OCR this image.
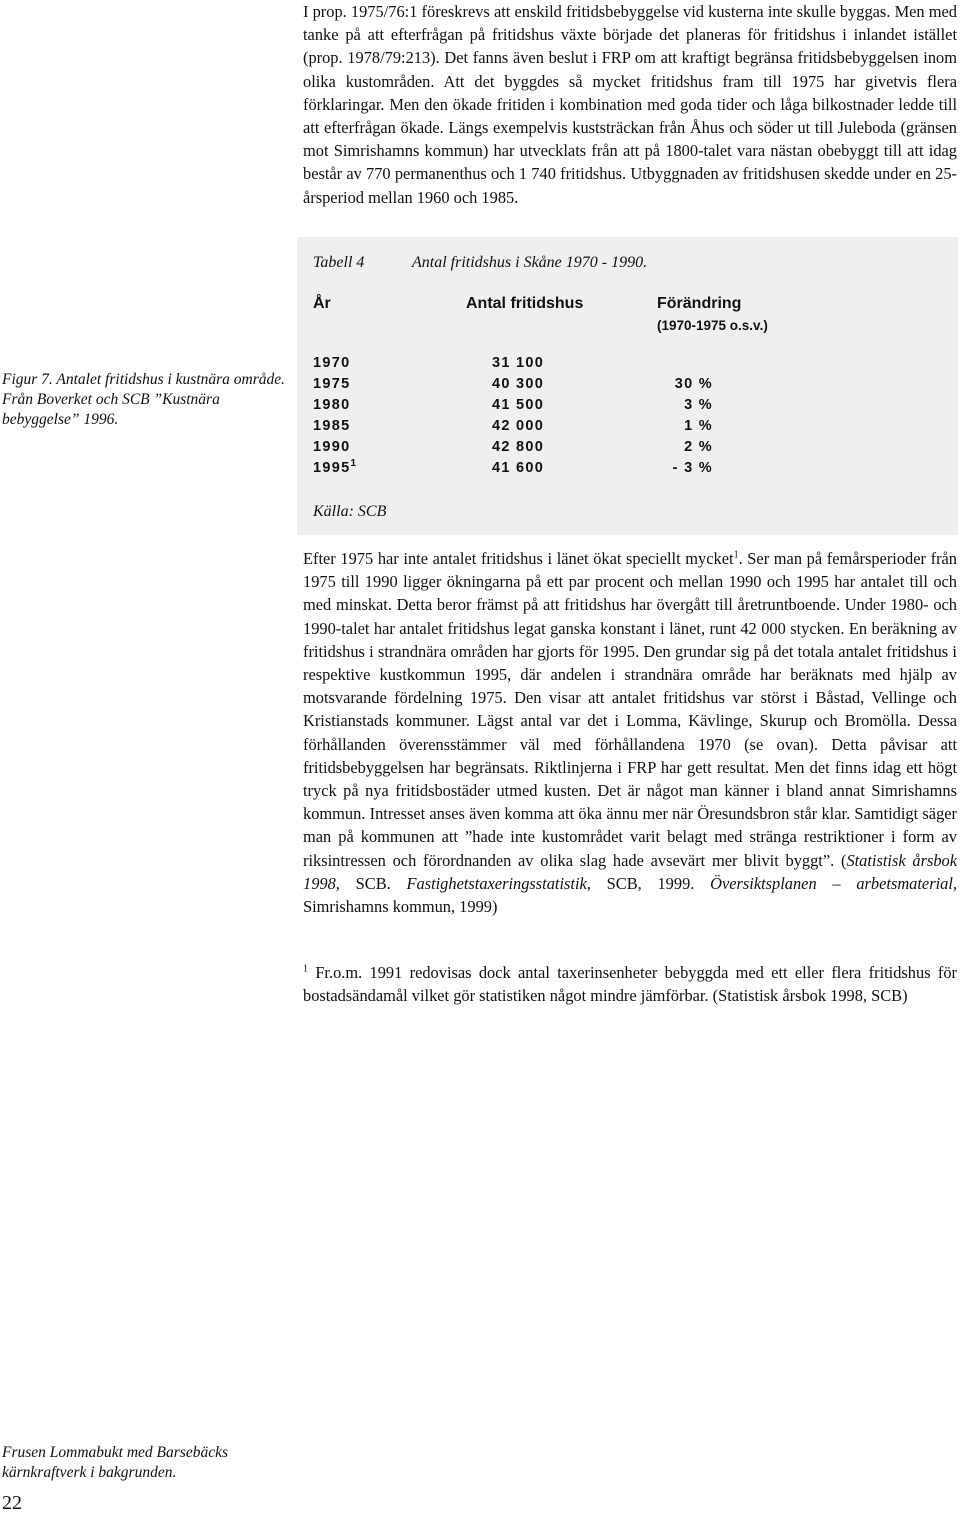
I prop. 1975/76:1 föreskrevs att enskild fritidsbebyggelse vid kusterna inte skulle byggas. Men med tanke på att efterfrågan på fritidshus växte började det planeras för fritidshus i inlandet istället (prop. 1978/79:213). Det fanns även beslut i FRP om att kraftigt begränsa fritidsbebyggelsen inom olika kustområden. Att det byggdes så mycket fritidshus fram till 1975 har givetvis flera förklaringar. Men den ökade fritiden i kombination med goda tider och låga bilkostnader ledde till att efterfrågan ökade. Längs exempelvis kuststräckan från Åhus och söder ut till Juleboda (gränsen mot Simrishamns kommun) har utvecklats från att på 1800-talet vara nästan obebyggt till att idag består av 770 permanenthus och 1 740 fritidshus. Utbyggnaden av fritidshusen skedde under en 25-årsperiod mellan 1960 och 1985.

Tabell 4	Antal fritidshus i Skåne 1970 - 1990.
År	Antal fritidshus	Förändring
(1970-1975 o.s.v.)
1970	31 100
1975	40 300	30 %
1980	41 500	3 %
1985	42 000	1 %
1990	42 800	2 %
1995$^1$	41 600	- 3 %
Källa: SCB

Figur 7. Antalet fritidshus i kustnära område. Från Boverket och SCB ”Kustnära bebyggelse” 1996.

Efter 1975 har inte antalet fritidshus i länet ökat speciellt mycket$^1$. Ser man på femårsperioder från 1975 till 1990 ligger ökningarna på ett par procent och mellan 1990 och 1995 har antalet till och med minskat. Detta beror främst på att fritidshus har övergått till åretruntboende. Under 1980- och 1990-talet har antalet fritidshus legat ganska konstant i länet, runt 42 000 stycken. En beräkning av fritidshus i strandnära områden har gjorts för 1995. Den grundar sig på det totala antalet fritidshus i respektive kustkommun 1995, där andelen i strandnära område har beräknats med hjälp av motsvarande fördelning 1975. Den visar att antalet fritidshus var störst i Båstad, Vellinge och Kristianstads kommuner. Lägst antal var det i Lomma, Kävlinge, Skurup och Bromölla. Dessa förhållanden överensstämmer väl med förhållandena 1970 (se ovan). Detta påvisar att fritidsbebyggelsen har begränsats. Riktlinjerna i FRP har gett resultat. Men det finns idag ett högt tryck på nya fritidsbostäder utmed kusten. Det är något man känner i bland annat Simrishamns kommun. Intresset anses även komma att öka ännu mer när Öresundsbron står klar. Samtidigt säger man på kommunen att ”hade inte kustområdet varit belagt med stränga restriktioner i form av riksintressen och förordnanden av olika slag hade avsevärt mer blivit byggt”. (Statistisk årsbok 1998, SCB. Fastighetstaxeringsstatistik, SCB, 1999. Översiktsplanen – arbetsmaterial, Simrishamns kommun, 1999)

$^1$ Fr.o.m. 1991 redovisas dock antal taxerinsenheter bebyggda med ett eller flera fritidshus för bostadsändamål vilket gör statistiken något mindre jämförbar. (Statistisk årsbok 1998, SCB)

Frusen Lommabukt med Barsebäcks kärnkraftverk i bakgrunden.

22
